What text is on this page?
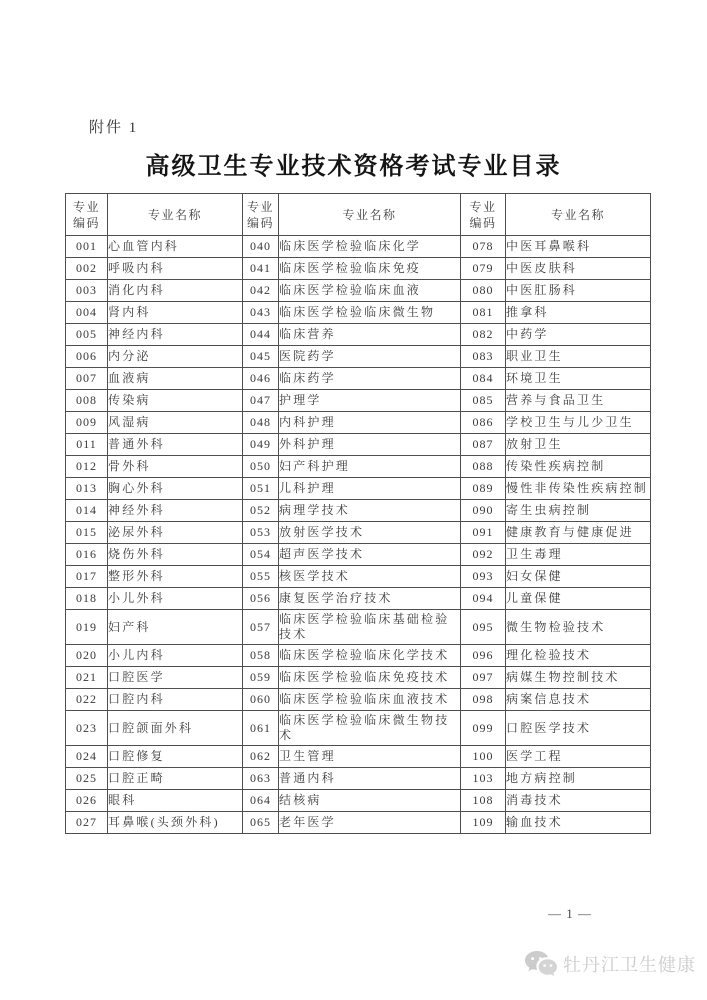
附件 1
高级卫生专业技术资格考试专业目录
专业编码	专业名称	专业编码	专业名称	专业编码	专业名称
001	心血管内科	040	临床医学检验临床化学	078	中医耳鼻喉科
002	呼吸内科	041	临床医学检验临床免疫	079	中医皮肤科
003	消化内科	042	临床医学检验临床血液	080	中医肛肠科
004	肾内科	043	临床医学检验临床微生物	081	推拿科
005	神经内科	044	临床营养	082	中药学
006	内分泌	045	医院药学	083	职业卫生
007	血液病	046	临床药学	084	环境卫生
008	传染病	047	护理学	085	营养与食品卫生
009	风湿病	048	内科护理	086	学校卫生与儿少卫生
011	普通外科	049	外科护理	087	放射卫生
012	骨外科	050	妇产科护理	088	传染性疾病控制
013	胸心外科	051	儿科护理	089	慢性非传染性疾病控制
014	神经外科	052	病理学技术	090	寄生虫病控制
015	泌尿外科	053	放射医学技术	091	健康教育与健康促进
016	烧伤外科	054	超声医学技术	092	卫生毒理
017	整形外科	055	核医学技术	093	妇女保健
018	小儿外科	056	康复医学治疗技术	094	儿童保健
019	妇产科	057	临床医学检验临床基础检验技术	095	微生物检验技术
020	小儿内科	058	临床医学检验临床化学技术	096	理化检验技术
021	口腔医学	059	临床医学检验临床免疫技术	097	病媒生物控制技术
022	口腔内科	060	临床医学检验临床血液技术	098	病案信息技术
023	口腔颌面外科	061	临床医学检验临床微生物技术	099	口腔医学技术
024	口腔修复	062	卫生管理	100	医学工程
025	口腔正畸	063	普通内科	103	地方病控制
026	眼科	064	结核病	108	消毒技术
027	耳鼻喉(头颈外科)	065	老年医学	109	输血技术
— 1 —
牡丹江卫生健康
